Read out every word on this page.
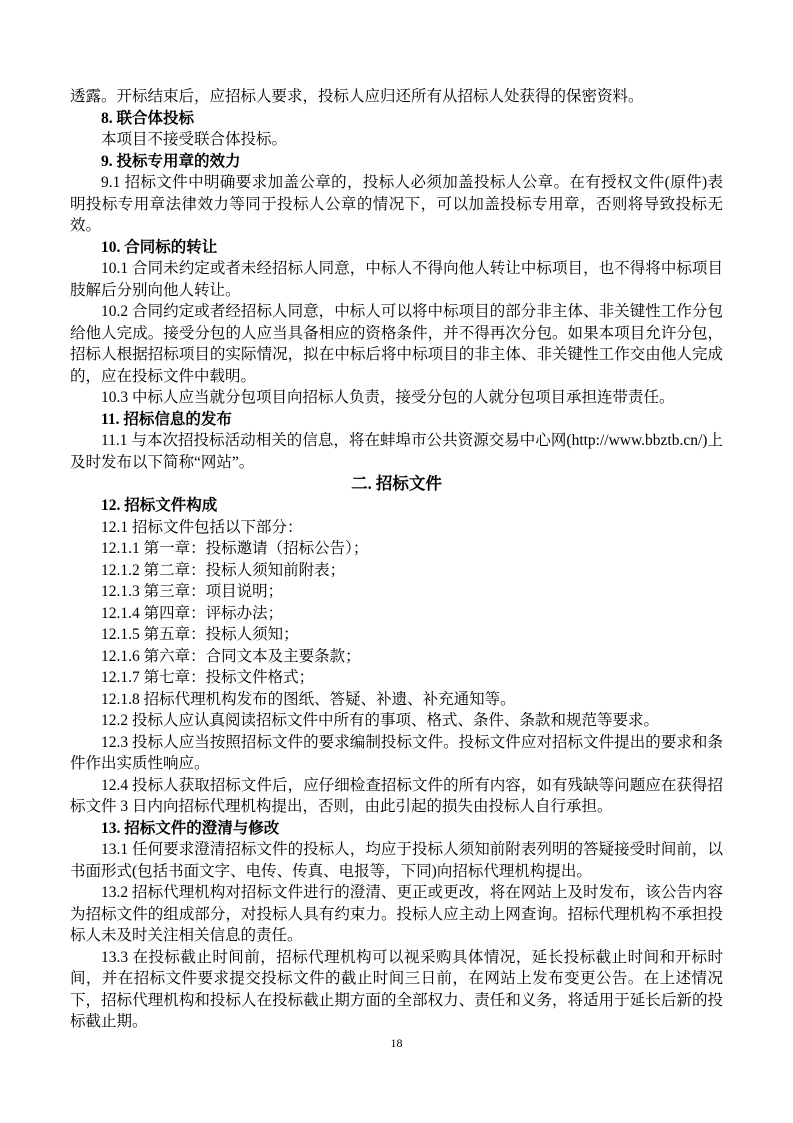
透露。开标结束后，应招标人要求，投标人应归还所有从招标人处获得的保密资料。

8. 联合体投标

本项目不接受联合体投标。

9. 投标专用章的效力

9.1 招标文件中明确要求加盖公章的，投标人必须加盖投标人公章。在有授权文件(原件)表明投标专用章法律效力等同于投标人公章的情况下，可以加盖投标专用章，否则将导致投标无效。

10. 合同标的转让

10.1 合同未约定或者未经招标人同意，中标人不得向他人转让中标项目，也不得将中标项目肢解后分别向他人转让。

10.2 合同约定或者经招标人同意，中标人可以将中标项目的部分非主体、非关键性工作分包给他人完成。接受分包的人应当具备相应的资格条件，并不得再次分包。如果本项目允许分包，招标人根据招标项目的实际情况，拟在中标后将中标项目的非主体、非关键性工作交由他人完成的，应在投标文件中载明。

10.3 中标人应当就分包项目向招标人负责，接受分包的人就分包项目承担连带责任。

11. 招标信息的发布

11.1 与本次招投标活动相关的信息，将在蚌埠市公共资源交易中心网(http://www.bbztb.cn/)上及时发布以下简称“网站”。

二. 招标文件

12. 招标文件构成

12.1 招标文件包括以下部分：

12.1.1 第一章：投标邀请（招标公告）；

12.1.2 第二章：投标人须知前附表；

12.1.3 第三章：项目说明；

12.1.4 第四章：评标办法；

12.1.5 第五章：投标人须知；

12.1.6 第六章：合同文本及主要条款；

12.1.7 第七章：投标文件格式；

12.1.8 招标代理机构发布的图纸、答疑、补遗、补充通知等。

12.2 投标人应认真阅读招标文件中所有的事项、格式、条件、条款和规范等要求。

12.3 投标人应当按照招标文件的要求编制投标文件。投标文件应对招标文件提出的要求和条件作出实质性响应。

12.4 投标人获取招标文件后，应仔细检查招标文件的所有内容，如有残缺等问题应在获得招标文件 3 日内向招标代理机构提出，否则，由此引起的损失由投标人自行承担。

13. 招标文件的澄清与修改

13.1 任何要求澄清招标文件的投标人，均应于投标人须知前附表列明的答疑接受时间前，以书面形式(包括书面文字、电传、传真、电报等，下同)向招标代理机构提出。

13.2 招标代理机构对招标文件进行的澄清、更正或更改，将在网站上及时发布，该公告内容为招标文件的组成部分，对投标人具有约束力。投标人应主动上网查询。招标代理机构不承担投标人未及时关注相关信息的责任。

13.3 在投标截止时间前，招标代理机构可以视采购具体情况，延长投标截止时间和开标时间，并在招标文件要求提交投标文件的截止时间三日前，在网站上发布变更公告。在上述情况下，招标代理机构和投标人在投标截止期方面的全部权力、责任和义务，将适用于延长后新的投标截止期。

18
